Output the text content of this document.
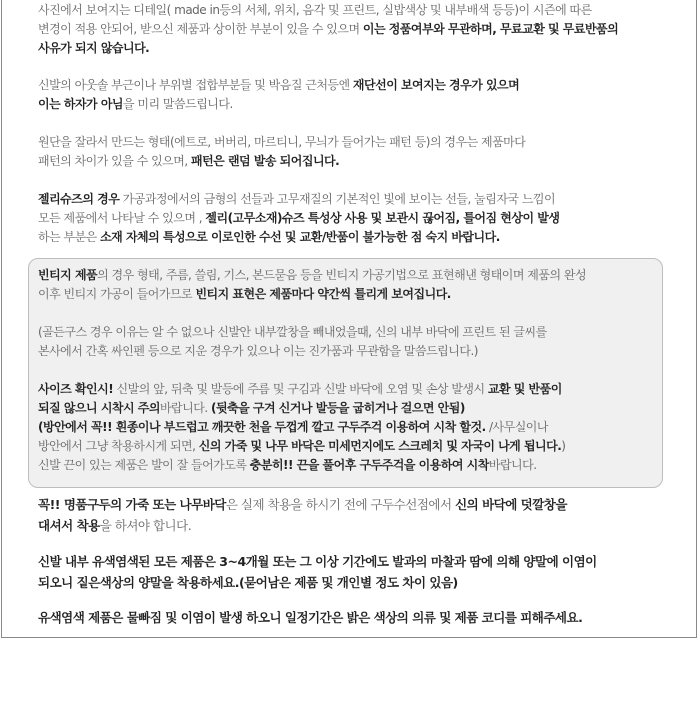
사진에서 보여지는 디테일( made in등의 서체, 위치, 음각 및 프린트, 실밥색상 및 내부배색 등등)이 시즌에 따른
변경이 적용 안되어, 받으신 제품과 상이한 부분이 있을 수 있으며 이는 정품여부와 무관하며, 무료교환 및 무료반품의
사유가 되지 않습니다.
신발의 아웃솔 부근이나 부위별 접합부분들 및 박음질 근처등엔 재단선이 보여지는 경우가 있으며
이는 하자가 아님을 미리 말씀드립니다.
원단을 잘라서 만드는 형태(에트로, 버버리, 마르티니, 무늬가 들어가는 패턴 등)의 경우는 제품마다
패턴의 차이가 있을 수 있으며, 패턴은 랜덤 발송 되어집니다.
젤리슈즈의 경우 가공과정에서의 금형의 선들과 고무재질의 기본적인 빛에 보이는 선들, 눌림자국 느낌이
모든 제품에서 나타날 수 있으며 , 젤리(고무소재)슈즈 특성상 사용 및 보관시 끊어짐, 틀어짐 현상이 발생
하는 부분은 소재 자체의 특성으로 이로인한 수선 및 교환/반품이 불가능한 점 숙지 바랍니다.
빈티지 제품의 경우 형태, 주름, 쓸림, 기스, 본드묻음 등을 빈티지 가공기법으로 표현해낸 형태이며 제품의 완성
이후 빈티지 가공이 들어가므로 빈티지 표현은 제품마다 약간씩 틀리게 보여집니다.
(골든구스 경우 이유는 알 수 없으나 신발안 내부깔창을 빼내었을때, 신의 내부 바닥에 프린트 된 글씨를
본사에서 간혹 싸인펜 등으로 지운 경우가 있으나 이는 진가품과 무관함을 말씀드립니다.)
사이즈 확인시! 신발의 앞, 뒤축 및 발등에 주름 및 구김과 신발 바닥에 오염 및 손상 발생시 교환 및 반품이
되질 않으니 시착시 주의바랍니다. (뒷축을 구겨 신거나 발등을 굽히거나 걸으면 안됨)
(방안에서 꼭!! 흰종이나 부드럽고 깨끗한 천을 두껍게 깔고 구두주걱 이용하여 시착 할것. /사무실이나
방안에서 그냥 착용하시게 되면, 신의 가죽 및 나무 바닥은 미세먼지에도 스크레치 및 자국이 나게 됩니다.)
신발 끈이 있는 제품은 발이 잘 들어가도록 충분히!! 끈을 풀어후 구두주걱을 이용하여 시착바랍니다.
꼭!! 명품구두의 가죽 또는 나무바닥은 실제 착용을 하시기 전에 구두수선점에서 신의 바닥에 덧깔창을
대셔서 착용을 하셔야 합니다.
신발 내부 유색염색된 모든 제품은 3~4개월 또는 그 이상 기간에도 발과의 마찰과 땀에 의해 양말에 이염이
되오니 짙은색상의 양말을 착용하세요.(묻어남은 제품 및 개인별 정도 차이 있음)
유색염색 제품은 물빠짐 및 이염이 발생 하오니 일정기간은 밝은 색상의 의류 및 제품 코디를 피해주세요.
